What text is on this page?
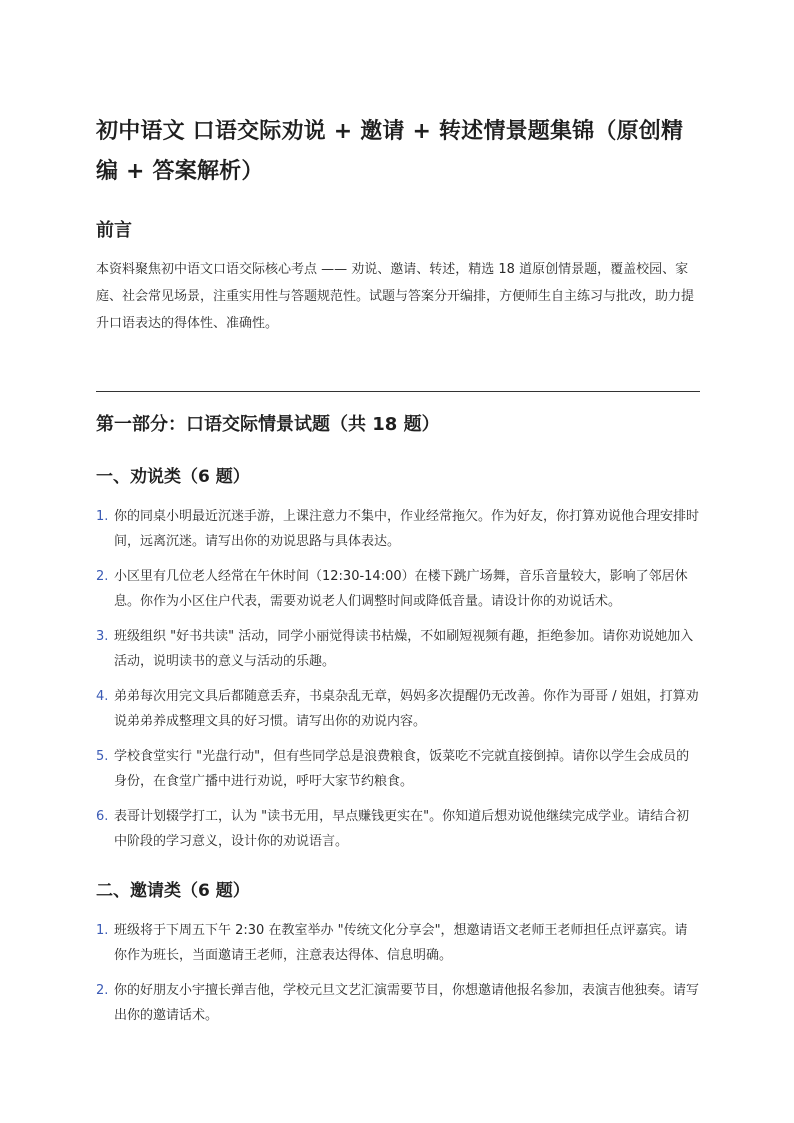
初中语文 口语交际劝说 + 邀请 + 转述情景题集锦（原创精编 + 答案解析）
前言

本资料聚焦初中语文口语交际核心考点 —— 劝说、邀请、转述，精选 18 道原创情景题，覆盖校园、家庭、社会常见场景，注重实用性与答题规范性。试题与答案分开编排，方便师生自主练习与批改，助力提升口语表达的得体性、准确性。

第一部分：口语交际情景试题（共 18 题）
一、劝说类（6 题）
1. 你的同桌小明最近沉迷手游，上课注意力不集中，作业经常拖欠。作为好友，你打算劝说他合理安排时间，远离沉迷。请写出你的劝说思路与具体表达。
2. 小区里有几位老人经常在午休时间（12:30-14:00）在楼下跳广场舞，音乐音量较大，影响了邻居休息。你作为小区住户代表，需要劝说老人们调整时间或降低音量。请设计你的劝说话术。
3. 班级组织 "好书共读" 活动，同学小丽觉得读书枯燥，不如刷短视频有趣，拒绝参加。请你劝说她加入活动，说明读书的意义与活动的乐趣。
4. 弟弟每次用完文具后都随意丢弃，书桌杂乱无章，妈妈多次提醒仍无改善。你作为哥哥 / 姐姐，打算劝说弟弟养成整理文具的好习惯。请写出你的劝说内容。
5. 学校食堂实行 "光盘行动"，但有些同学总是浪费粮食，饭菜吃不完就直接倒掉。请你以学生会成员的身份，在食堂广播中进行劝说，呼吁大家节约粮食。
6. 表哥计划辍学打工，认为 "读书无用，早点赚钱更实在"。你知道后想劝说他继续完成学业。请结合初中阶段的学习意义，设计你的劝说语言。
二、邀请类（6 题）
1. 班级将于下周五下午 2:30 在教室举办 "传统文化分享会"，想邀请语文老师王老师担任点评嘉宾。请你作为班长，当面邀请王老师，注意表达得体、信息明确。
2. 你的好朋友小宇擅长弹吉他，学校元旦文艺汇演需要节目，你想邀请他报名参加，表演吉他独奏。请写出你的邀请话术。
